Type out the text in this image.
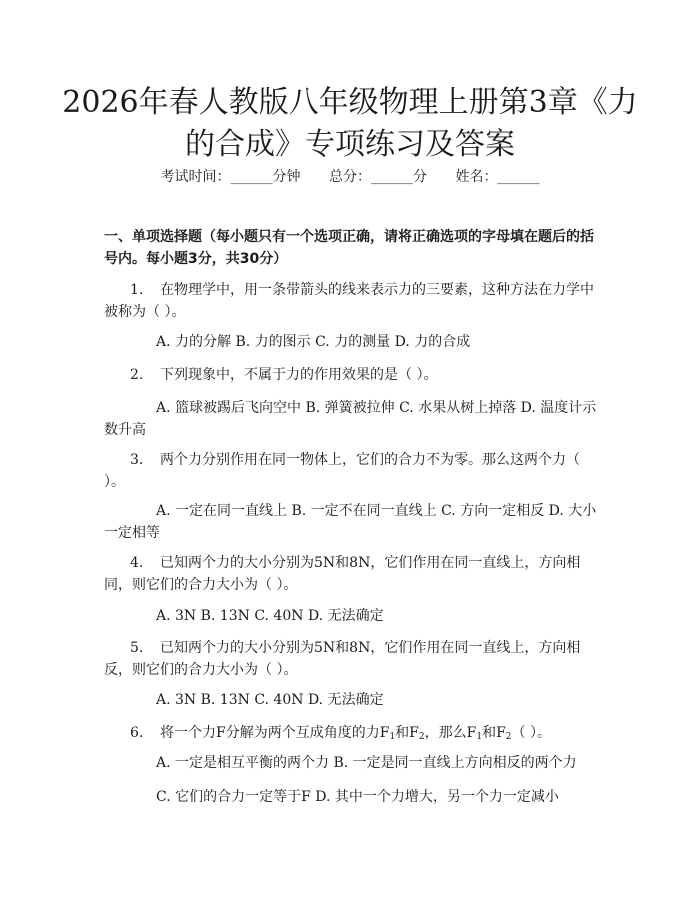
2026年春人教版八年级物理上册第3章《力的合成》专项练习及答案
考试时间：______分钟 总分：______分 姓名：______
一、单项选择题（每小题只有一个选项正确，请将正确选项的字母填在题后的括号内。每小题3分，共30分）
1. 在物理学中，用一条带箭头的线来表示力的三要素，这种方法在力学中被称为（ ）。
A. 力的分解 B. 力的图示 C. 力的测量 D. 力的合成
2. 下列现象中，不属于力的作用效果的是（ ）。
A. 篮球被踢后飞向空中 B. 弹簧被拉伸 C. 水果从树上掉落 D. 温度计示数升高
3. 两个力分别作用在同一物体上，它们的合力不为零。那么这两个力（ ）。
A. 一定在同一直线上 B. 一定不在同一直线上 C. 方向一定相反 D. 大小一定相等
4. 已知两个力的大小分别为5N和8N，它们作用在同一直线上，方向相同，则它们的合力大小为（ ）。
A. 3N B. 13N C. 40N D. 无法确定
5. 已知两个力的大小分别为5N和8N，它们作用在同一直线上，方向相反，则它们的合力大小为（ ）。
A. 3N B. 13N C. 40N D. 无法确定
6. 将一个力F分解为两个互成角度的力$F_1$和$F_2$，那么$F_1$和$F_2$（ ）。
A. 一定是相互平衡的两个力 B. 一定是同一直线上方向相反的两个力
C. 它们的合力一定等于F D. 其中一个力增大，另一个力一定减小
